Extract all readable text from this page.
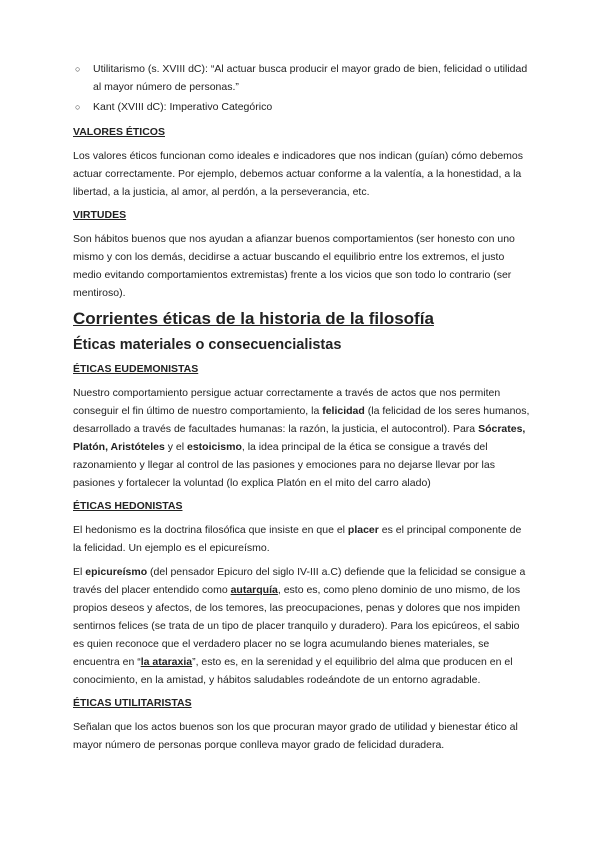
○ Utilitarismo (s. XVIII dC): “Al actuar busca producir el mayor grado de bien, felicidad o utilidad al mayor número de personas.”
○ Kant (XVIII dC): Imperativo Categórico
VALORES ÉTICOS

Los valores éticos funcionan como ideales e indicadores que nos indican (guían) cómo debemos actuar correctamente. Por ejemplo, debemos actuar conforme a la valentía, a la honestidad, a la libertad, a la justicia, al amor, al perdón, a la perseverancia, etc.

VIRTUDES

Son hábitos buenos que nos ayudan a afianzar buenos comportamientos (ser honesto con uno mismo y con los demás, decidirse a actuar buscando el equilibrio entre los extremos, el justo medio evitando comportamientos extremistas) frente a los vicios que son todo lo contrario (ser mentiroso).

Corrientes éticas de la historia de la filosofía
Éticas materiales o consecuencialistas
ÉTICAS EUDEMONISTAS

Nuestro comportamiento persigue actuar correctamente a través de actos que nos permiten conseguir el fin último de nuestro comportamiento, la felicidad (la felicidad de los seres humanos, desarrollado a través de facultades humanas: la razón, la justicia, el autocontrol). Para Sócrates, Platón, Aristóteles y el estoicismo, la idea principal de la ética se consigue a través del razonamiento y llegar al control de las pasiones y emociones para no dejarse llevar por las pasiones y fortalecer la voluntad (lo explica Platón en el mito del carro alado)

ÉTICAS HEDONISTAS

El hedonismo es la doctrina filosófica que insiste en que el placer es el principal componente de la felicidad. Un ejemplo es el epicureísmo.

El epicureísmo (del pensador Epicuro del siglo IV-III a.C) defiende que la felicidad se consigue a través del placer entendido como autarquía, esto es, como pleno dominio de uno mismo, de los propios deseos y afectos, de los temores, las preocupaciones, penas y dolores que nos impiden sentirnos felices (se trata de un tipo de placer tranquilo y duradero). Para los epicúreos, el sabio es quien reconoce que el verdadero placer no se logra acumulando bienes materiales, se encuentra en “la ataraxia”, esto es, en la serenidad y el equilibrio del alma que producen en el conocimiento, en la amistad, y hábitos saludables rodeándote de un entorno agradable.

ÉTICAS UTILITARISTAS

Señalan que los actos buenos son los que procuran mayor grado de utilidad y bienestar ético al mayor número de personas porque conlleva mayor grado de felicidad duradera.
